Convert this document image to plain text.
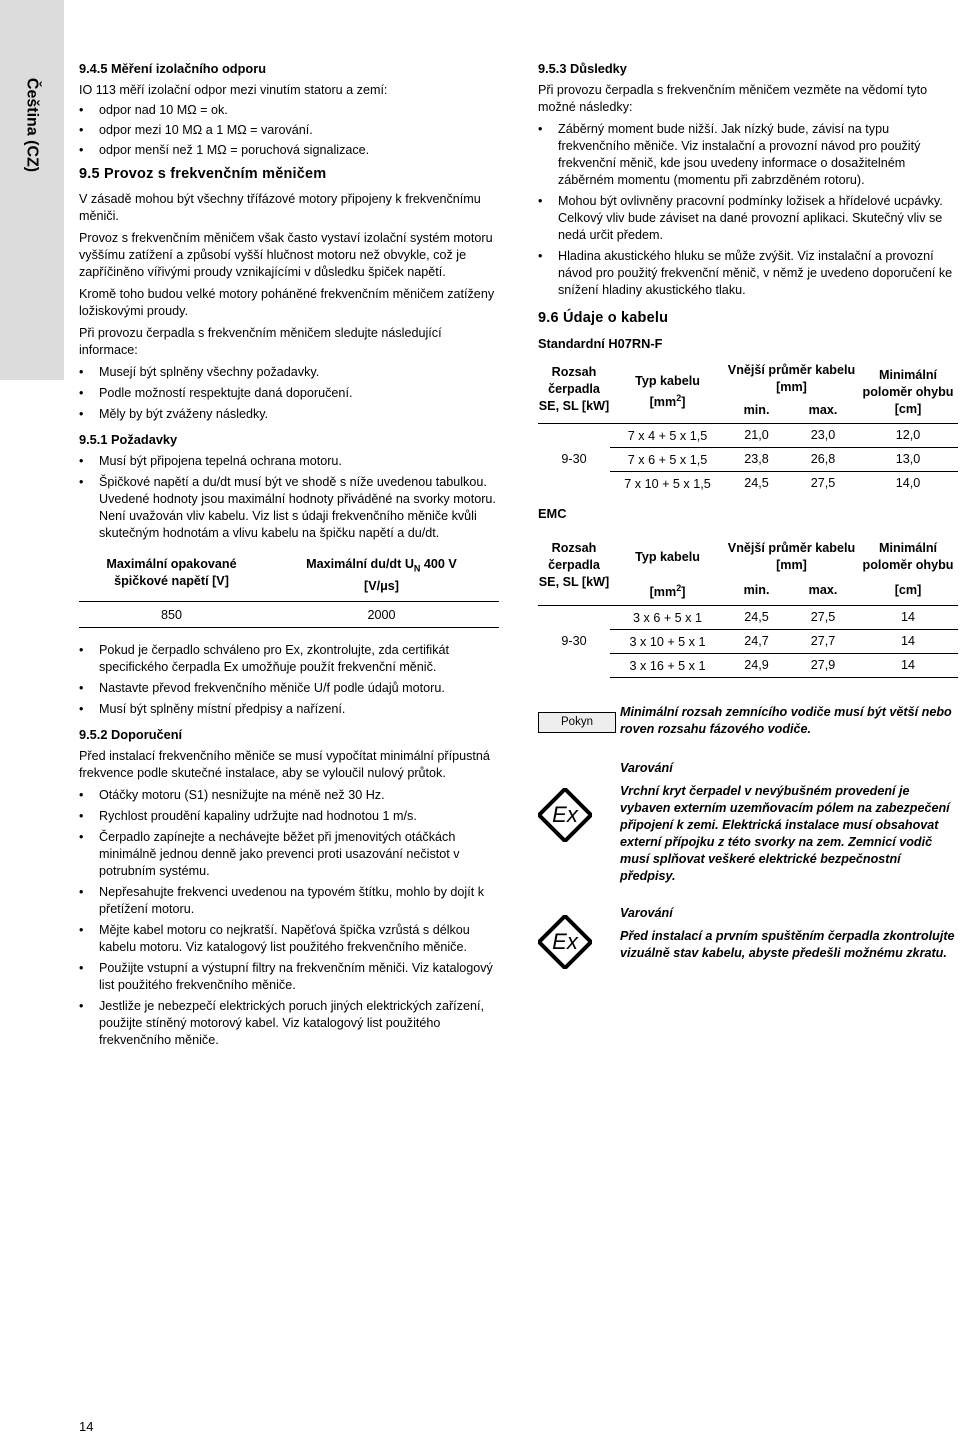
Čeština (CZ)
9.4.5 Měření izolačního odporu

IO 113 měří izolační odpor mezi vinutím statoru a zemí:

• odpor nad 10 MΩ = ok.
• odpor mezi 10 MΩ a 1 MΩ = varování.
• odpor menší než 1 MΩ = poruchová signalizace.
9.5 Provoz s frekvenčním měničem

V zásadě mohou být všechny třífázové motory připojeny k frekvenčnímu měniči.

Provoz s frekvenčním měničem však často vystaví izolační systém motoru vyššímu zatížení a způsobí vyšší hlučnost motoru než obvykle, což je zapříčiněno vířivými proudy vznikajícími v důsledku špiček napětí.

Kromě toho budou velké motory poháněné frekvenčním měničem zatíženy ložiskovými proudy.

Při provozu čerpadla s frekvenčním měničem sledujte následující informace:

• Musejí být splněny všechny požadavky.
• Podle možností respektujte daná doporučení.
• Měly by být zváženy následky.
9.5.1 Požadavky
• Musí být připojena tepelná ochrana motoru.
• Špičkové napětí a du/dt musí být ve shodě s níže uvedenou tabulkou. Uvedené hodnoty jsou maximální hodnoty přiváděné na svorky motoru. Není uvažován vliv kabelu. Viz list s údaji frekvenčního měniče kvůli skutečným hodnotám a vlivu kabelu na špičku napětí a du/dt.
Maximální opakované špičkové napětí [V]	Maximální du/dt $U_N$ 400 V
[V/μs]

850	2000

• Pokud je čerpadlo schváleno pro Ex, zkontrolujte, zda certifikát specifického čerpadla Ex umožňuje použít frekvenční měnič.
• Nastavte převod frekvenčního měniče U/f podle údajů motoru.
• Musí být splněny místní předpisy a nařízení.
9.5.2 Doporučení

Před instalací frekvenčního měniče se musí vypočítat minimální přípustná frekvence podle skutečné instalace, aby se vyloučil nulový průtok.

• Otáčky motoru (S1) nesnižujte na méně než 30 Hz.
• Rychlost proudění kapaliny udržujte nad hodnotou 1 m/s.
• Čerpadlo zapínejte a nechávejte běžet při jmenovitých otáčkách minimálně jednou denně jako prevenci proti usazování nečistot v potrubním systému.
• Nepřesahujte frekvenci uvedenou na typovém štítku, mohlo by dojít k přetížení motoru.
• Mějte kabel motoru co nejkratší. Napěťová špička vzrůstá s délkou kabelu motoru. Viz katalogový list použitého frekvenčního měniče.
• Použijte vstupní a výstupní filtry na frekvenčním měniči. Viz katalogový list použitého frekvenčního měniče.
• Jestliže je nebezpečí elektrických poruch jiných elektrických zařízení, použijte stíněný motorový kabel. Viz katalogový list použitého frekvenčního měniče.
9.5.3 Důsledky

Při provozu čerpadla s frekvenčním měničem vezměte na vědomí tyto možné následky:

• Záběrný moment bude nižší. Jak nízký bude, závisí na typu frekvenčního měniče. Viz instalační a provozní návod pro použitý frekvenční měnič, kde jsou uvedeny informace o dosažitelném záběrném momentu (momentu při zabrzděném rotoru).
• Mohou být ovlivněny pracovní podmínky ložisek a hřídelové ucpávky. Celkový vliv bude záviset na dané provozní aplikaci. Skutečný vliv se nedá určit předem.
• Hladina akustického hluku se může zvýšit. Viz instalační a provozní návod pro použitý frekvenční měnič, v němž je uvedeno doporučení ke snížení hladiny akustického tlaku.
9.6 Údaje o kabelu
Standardní H07RN-F
Rozsah čerpadla SE, SL [kW]	Typ kabelu
$[mm^2]$	Vnější průměr kabelu [mm]		Minimální poloměr ohybu [cm]
		min.	max.	

9-30	7 x 4 + 5 x 1,5	21,0	23,0	12,0
	7 x 6 + 5 x 1,5	23,8	26,8	13,0
	7 x 10 + 5 x 1,5	24,5	27,5	14,0
EMC
Rozsah čerpadla SE, SL [kW]	Typ kabelu	Vnější průměr kabelu [mm]		Minimální poloměr ohybu
	$[mm^2]$	min.	max.	[cm]

9-30	3 x 6 + 5 x 1	24,5	27,5	14
	3 x 10 + 5 x 1	24,7	27,7	14
	3 x 16 + 5 x 1	24,9	27,9	14
Pokyn
Minimální rozsah zemnícího vodiče musí být větší nebo roven rozsahu fázového vodiče.
Ex
Varování
Vrchní kryt čerpadel v nevýbušném provedení je vybaven externím uzemňovacím pólem na zabezpečení připojení k zemi. Elektrická instalace musí obsahovat externí přípojku z této svorky na zem. Zemnicí vodič musí splňovat veškeré elektrické bezpečnostní předpisy.
Ex
Varování
Před instalací a prvním spuštěním čerpadla zkontrolujte vizuálně stav kabelu, abyste předešli možnému zkratu.
14
